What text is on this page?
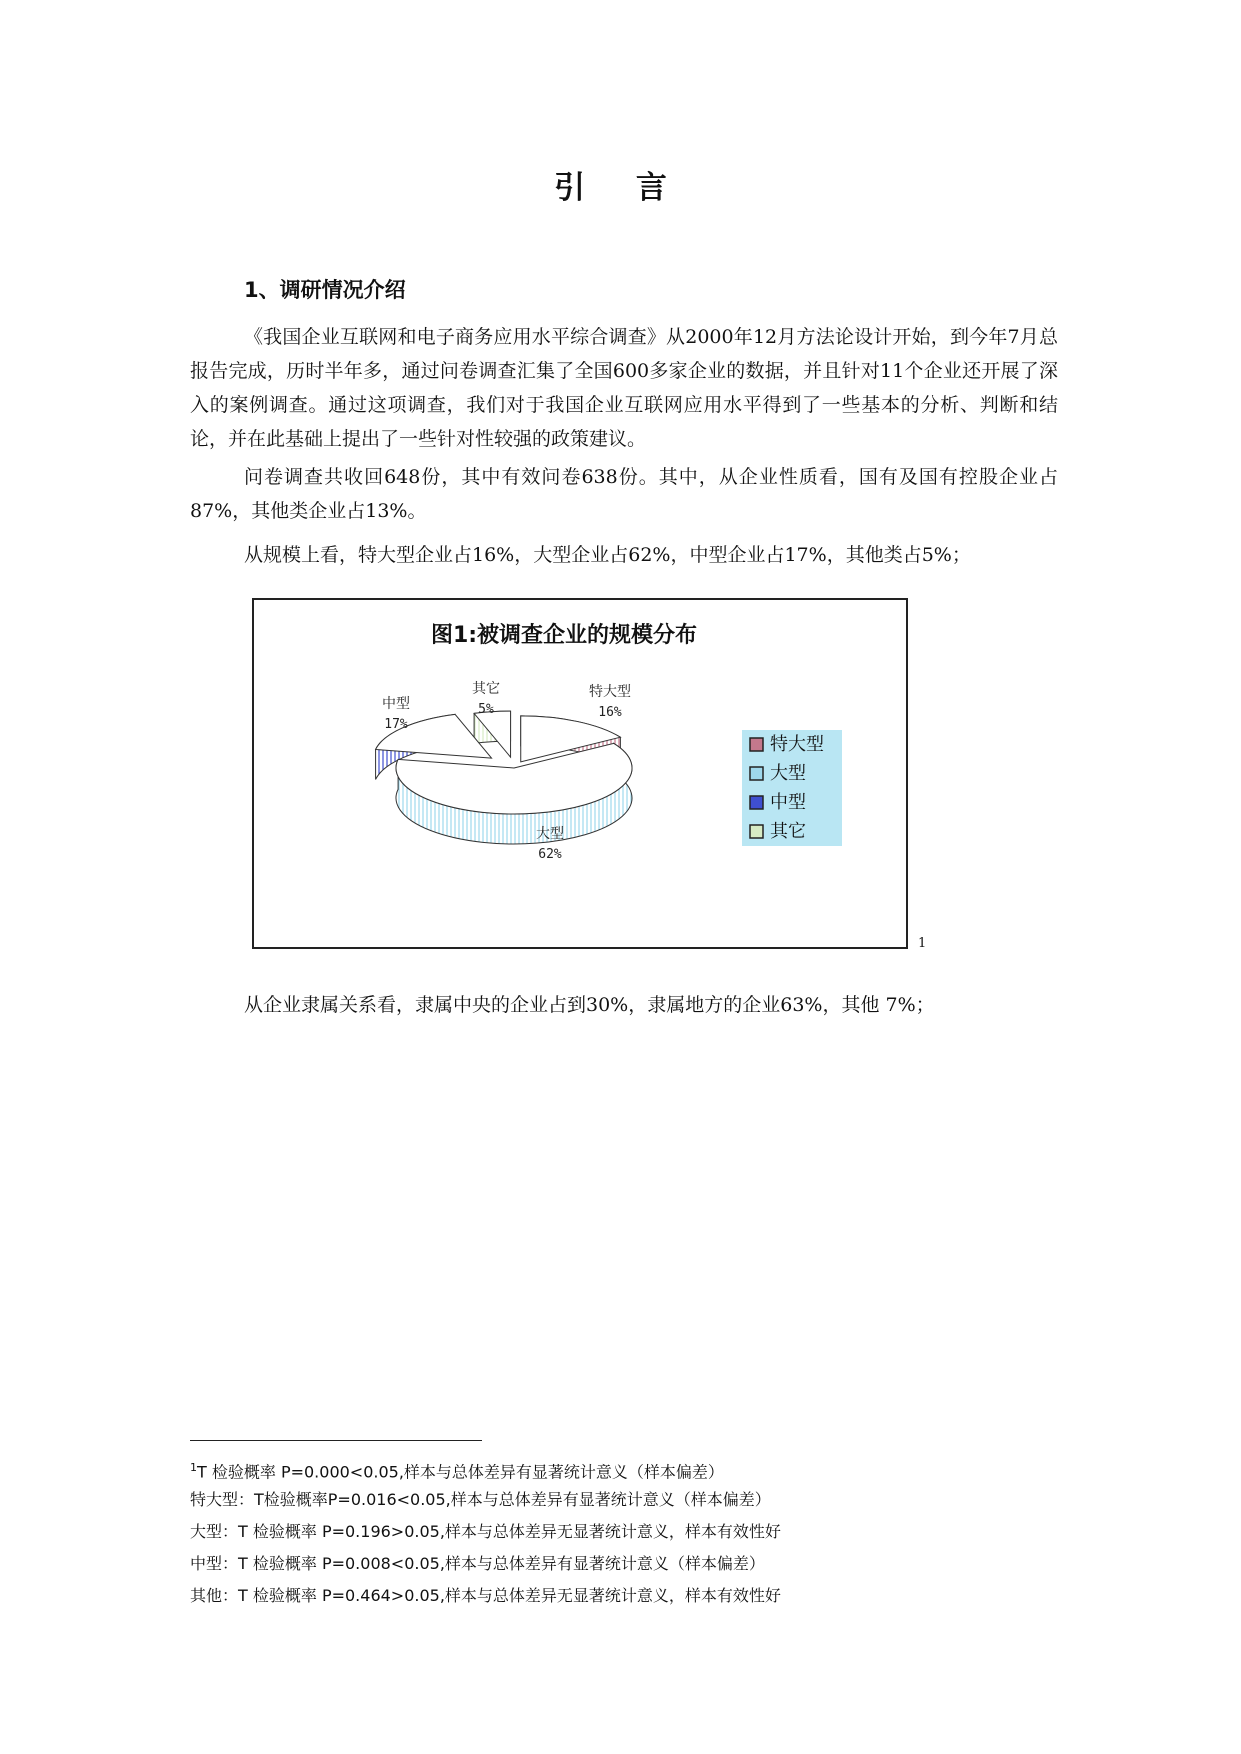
引 言
1、调研情况介绍
《我国企业互联网和电子商务应用水平综合调查》从2000年12月方法论设计开始，到今年7月总报告完成，历时半年多，通过问卷调查汇集了全国600多家企业的数据，并且针对11个企业还开展了深入的案例调查。通过这项调查，我们对于我国企业互联网应用水平得到了一些基本的分析、判断和结论，并在此基础上提出了一些针对性较强的政策建议。
问卷调查共收回648份，其中有效问卷638份。其中，从企业性质看，国有及国有控股企业占87%，其他类企业占13%。
从规模上看，特大型企业占16%，大型企业占62%，中型企业占17%，其他类占5%；
图1:被调查企业的规模分布
特大型
16%
大型
62%
中型
17%
其它
5%
特大型
大型
中型
其它
1
从企业隶属关系看，隶属中央的企业占到30%，隶属地方的企业63%，其他 7%；
$^1$T 检验概率 P=0.000<0.05,样本与总体差异有显著统计意义（样本偏差）
特大型：T检验概率P=0.016<0.05,样本与总体差异有显著统计意义（样本偏差）
大型：T 检验概率 P=0.196>0.05,样本与总体差异无显著统计意义，样本有效性好
中型：T 检验概率 P=0.008<0.05,样本与总体差异有显著统计意义（样本偏差）
其他：T 检验概率 P=0.464>0.05,样本与总体差异无显著统计意义，样本有效性好
